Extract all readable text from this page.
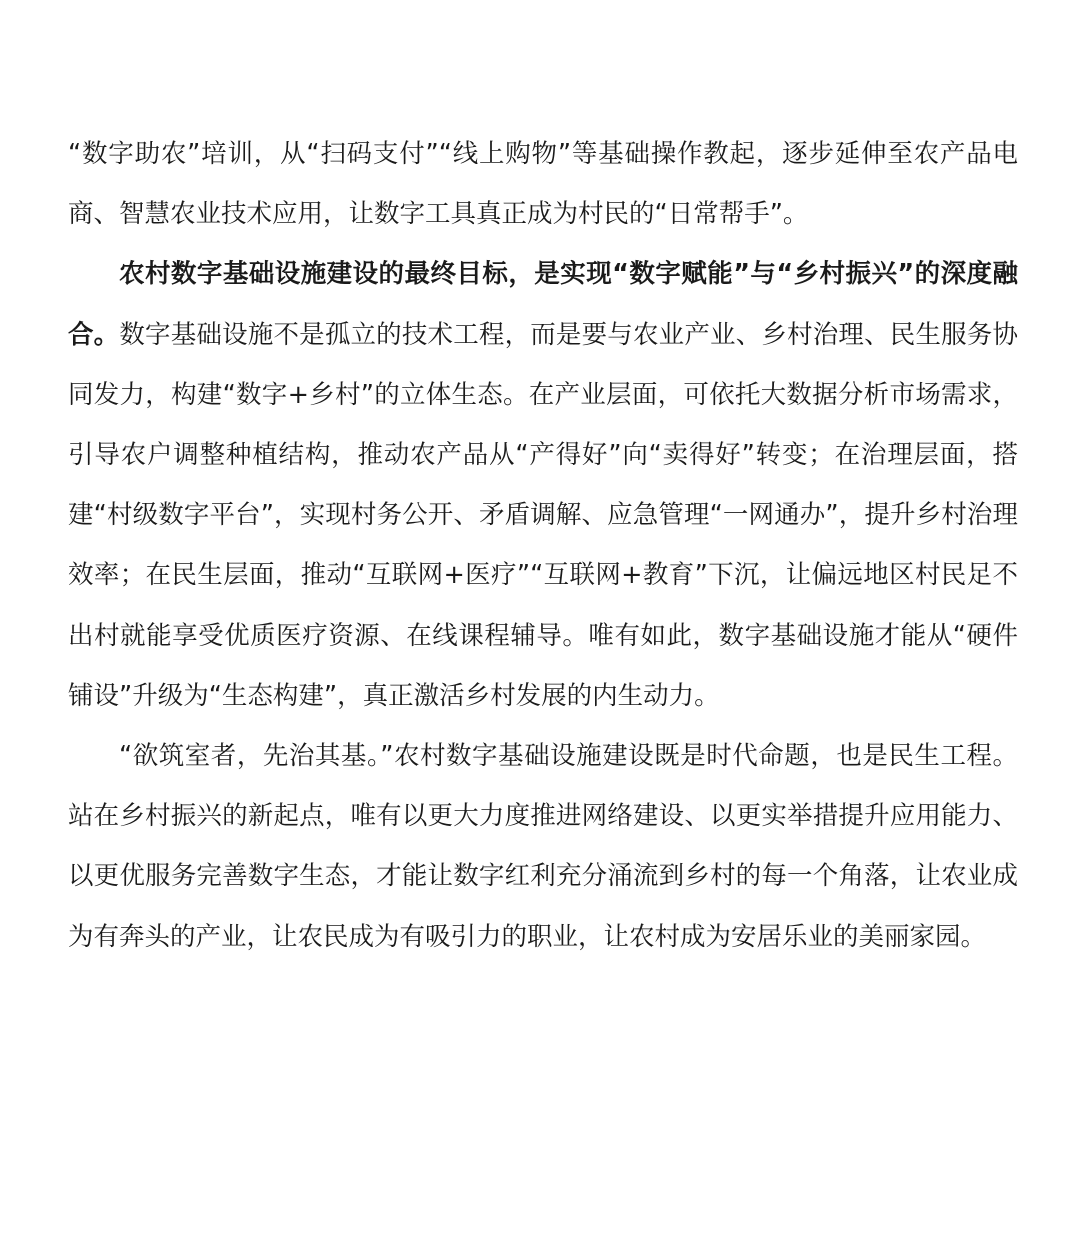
“数字助农”培训，从“扫码支付”“线上购物”等基础操作教起，逐步延伸至农产品电商、智慧农业技术应用，让数字工具真正成为村民的“日常帮手”。

农村数字基础设施建设的最终目标，是实现“数字赋能”与“乡村振兴”的深度融合。数字基础设施不是孤立的技术工程，而是要与农业产业、乡村治理、民生服务协同发力，构建“数字+乡村”的立体生态。在产业层面，可依托大数据分析市场需求，引导农户调整种植结构，推动农产品从“产得好”向“卖得好”转变；在治理层面，搭建“村级数字平台”，实现村务公开、矛盾调解、应急管理“一网通办”，提升乡村治理效率；在民生层面，推动“互联网+医疗”“互联网+教育”下沉，让偏远地区村民足不出村就能享受优质医疗资源、在线课程辅导。唯有如此，数字基础设施才能从“硬件铺设”升级为“生态构建”，真正激活乡村发展的内生动力。

“欲筑室者，先治其基。”农村数字基础设施建设既是时代命题，也是民生工程。站在乡村振兴的新起点，唯有以更大力度推进网络建设、以更实举措提升应用能力、以更优服务完善数字生态，才能让数字红利充分涌流到乡村的每一个角落，让农业成为有奔头的产业，让农民成为有吸引力的职业，让农村成为安居乐业的美丽家园。
